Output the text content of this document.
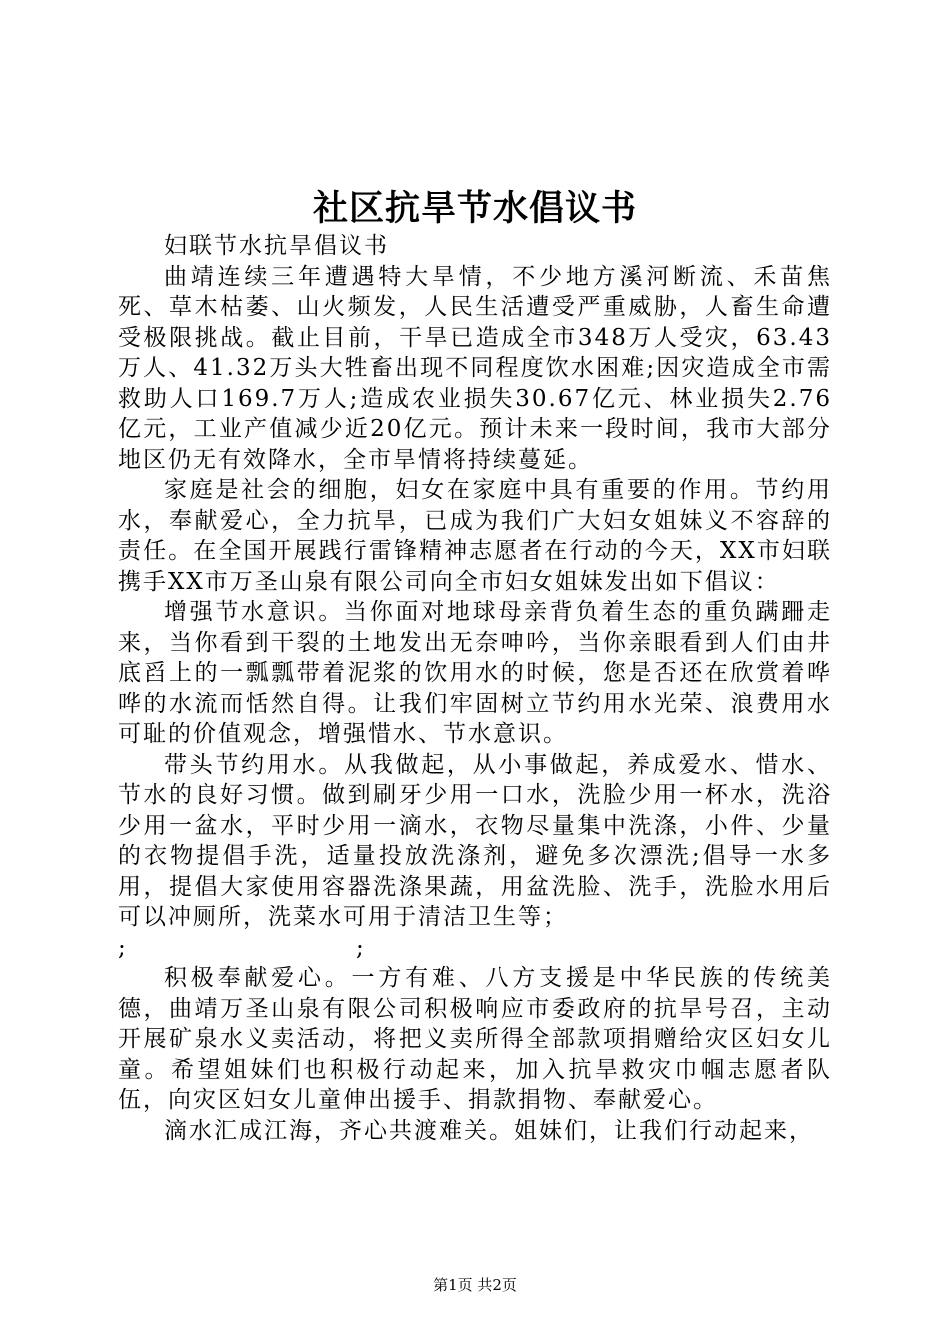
社区抗旱节水倡议书

妇联节水抗旱倡议书

曲靖连续三年遭遇特大旱情，不少地方溪河断流、禾苗焦死、草木枯萎、山火频发，人民生活遭受严重威胁，人畜生命遭受极限挑战。截止目前，干旱已造成全市348万人受灾，63.43万人、41.32万头大牲畜出现不同程度饮水困难;因灾造成全市需救助人口169.7万人;造成农业损失30.67亿元、林业损失2.76亿元，工业产值减少近20亿元。预计未来一段时间，我市大部分地区仍无有效降水，全市旱情将持续蔓延。

家庭是社会的细胞，妇女在家庭中具有重要的作用。节约用水，奉献爱心，全力抗旱，已成为我们广大妇女姐妹义不容辞的责任。在全国开展践行雷锋精神志愿者在行动的今天，XX市妇联携手XX市万圣山泉有限公司向全市妇女姐妹发出如下倡议：

增强节水意识。当你面对地球母亲背负着生态的重负蹒跚走来，当你看到干裂的土地发出无奈呻吟，当你亲眼看到人们由井底舀上的一瓢瓢带着泥浆的饮用水的时候，您是否还在欣赏着哗哗的水流而恬然自得。让我们牢固树立节约用水光荣、浪费用水可耻的价值观念，增强惜水、节水意识。

带头节约用水。从我做起，从小事做起，养成爱水、惜水、节水的良好习惯。做到刷牙少用一口水，洗脸少用一杯水，洗浴少用一盆水，平时少用一滴水，衣物尽量集中洗涤，小件、少量的衣物提倡手洗，适量投放洗涤剂，避免多次漂洗;倡导一水多用，提倡大家使用容器洗涤果蔬，用盆洗脸、洗手，洗脸水用后可以冲厕所，洗菜水可用于清洁卫生等；

;	;

积极奉献爱心。一方有难、八方支援是中华民族的传统美德，曲靖万圣山泉有限公司积极响应市委政府的抗旱号召，主动开展矿泉水义卖活动，将把义卖所得全部款项捐赠给灾区妇女儿童。希望姐妹们也积极行动起来，加入抗旱救灾巾帼志愿者队伍，向灾区妇女儿童伸出援手、捐款捐物、奉献爱心。

滴水汇成江海，齐心共渡难关。姐妹们，让我们行动起来，

第1页 共2页
